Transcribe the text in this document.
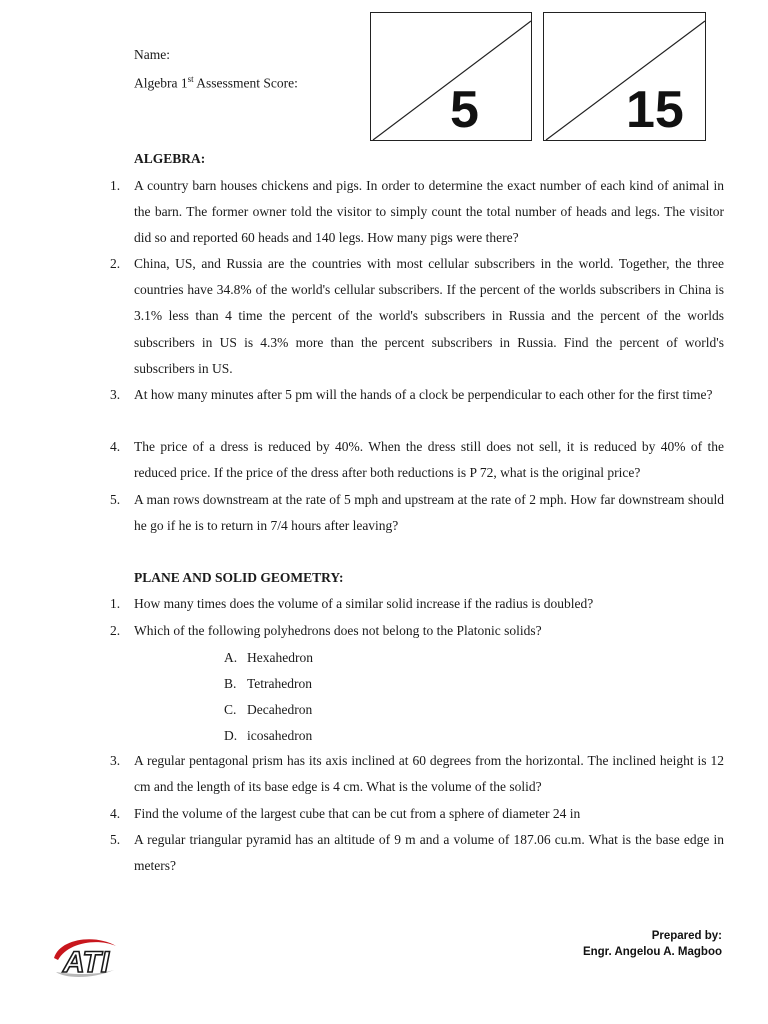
Name:
Algebra 1st Assessment Score:	5	15
ALGEBRA:
1. A country barn houses chickens and pigs. In order to determine the exact number of each kind of animal in the barn. The former owner told the visitor to simply count the total number of heads and legs. The visitor did so and reported 60 heads and 140 legs. How many pigs were there?
2. China, US, and Russia are the countries with most cellular subscribers in the world. Together, the three countries have 34.8% of the world's cellular subscribers. If the percent of the worlds subscribers in China is 3.1% less than 4 time the percent of the world's subscribers in Russia and the percent of the worlds subscribers in US is 4.3% more than the percent subscribers in Russia. Find the percent of world's subscribers in US.
3. At how many minutes after 5 pm will the hands of a clock be perpendicular to each other for the first time?
4. The price of a dress is reduced by 40%. When the dress still does not sell, it is reduced by 40% of the reduced price. If the price of the dress after both reductions is P 72, what is the original price?
5. A man rows downstream at the rate of 5 mph and upstream at the rate of 2 mph. How far downstream should he go if he is to return in 7/4 hours after leaving?
PLANE AND SOLID GEOMETRY:
1. How many times does the volume of a similar solid increase if the radius is doubled?
2. Which of the following polyhedrons does not belong to the Platonic solids?
A. Hexahedron
B. Tetrahedron
C. Decahedron
D. icosahedron
3. A regular pentagonal prism has its axis inclined at 60 degrees from the horizontal. The inclined height is 12 cm and the length of its base edge is 4 cm. What is the volume of the solid?
4. Find the volume of the largest cube that can be cut from a sphere of diameter 24 in
5. A regular triangular pyramid has an altitude of 9 m and a volume of 187.06 cu.m. What is the base edge in meters?
ATI
Prepared by:
Engr. Angelou A. Magboo
